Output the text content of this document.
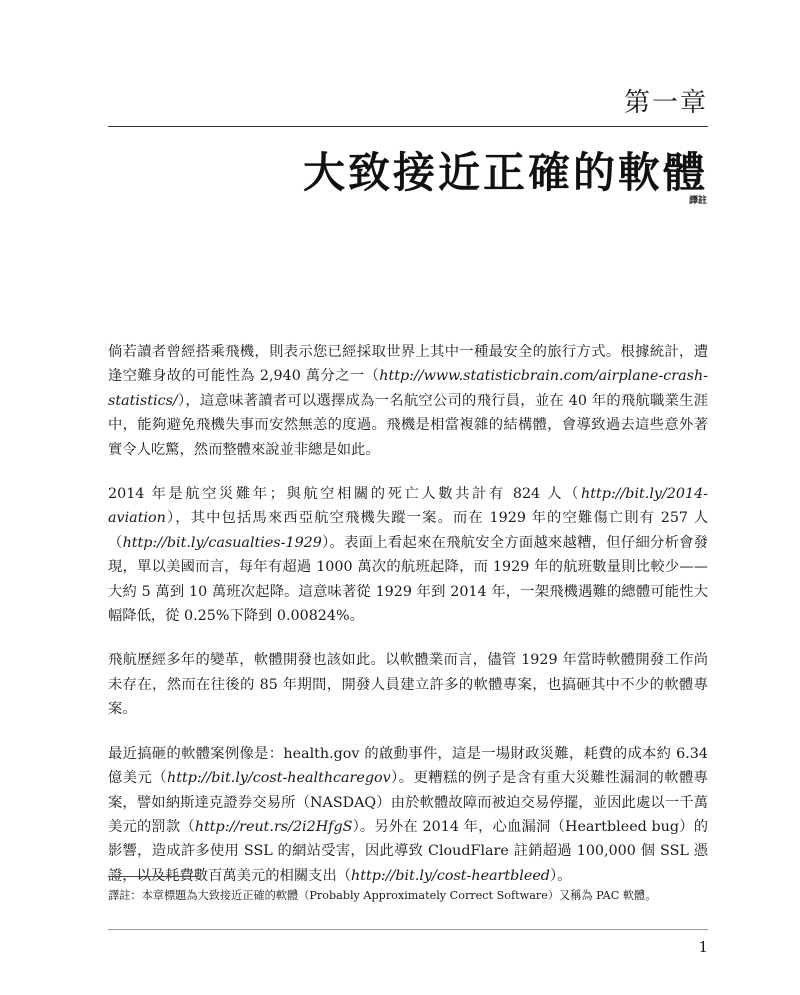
第一章
大致接近正確的軟體
譯註

倘若讀者曾經搭乘飛機，則表示您已經採取世界上其中一種最安全的旅行方式。根據統計，遭逢空難身故的可能性為 2,940 萬分之一（http://www.statisticbrain.com/airplane-crash-statistics/），這意味著讀者可以選擇成為一名航空公司的飛行員，並在 40 年的飛航職業生涯中，能夠避免飛機失事而安然無恙的度過。飛機是相當複雜的結構體，會導致過去這些意外著實令人吃驚，然而整體來說並非總是如此。

2014 年是航空災難年；與航空相關的死亡人數共計有 824 人（http://bit.ly/2014-aviation），其中包括馬來西亞航空飛機失蹤一案。而在 1929 年的空難傷亡則有 257 人（http://bit.ly/casualties-1929）。表面上看起來在飛航安全方面越來越糟，但仔細分析會發現，單以美國而言，每年有超過 1000 萬次的航班起降，而 1929 年的航班數量則比較少——大約 5 萬到 10 萬班次起降。這意味著從 1929 年到 2014 年，一架飛機遇難的總體可能性大幅降低，從 0.25%下降到 0.00824%。

飛航歷經多年的變革，軟體開發也該如此。以軟體業而言，儘管 1929 年當時軟體開發工作尚未存在，然而在往後的 85 年期間，開發人員建立許多的軟體專案，也搞砸其中不少的軟體專案。

最近搞砸的軟體案例像是：health.gov 的啟動事件，這是一場財政災難，耗費的成本約 6.34 億美元（http://bit.ly/cost-healthcaregov）。更糟糕的例子是含有重大災難性漏洞的軟體專案，譬如納斯達克證券交易所（NASDAQ）由於軟體故障而被迫交易停擺，並因此處以一千萬美元的罰款（http://reut.rs/2i2HfgS）。另外在 2014 年，心血漏洞（Heartbleed bug）的影響，造成許多使用 SSL 的網站受害，因此導致 CloudFlare 註銷超過 100,000 個 SSL 憑證，以及耗費數百萬美元的相關支出（http://bit.ly/cost-heartbleed）。

譯註：本章標題為大致接近正確的軟體（Probably Approximately Correct Software）又稱為 PAC 軟體。
1
